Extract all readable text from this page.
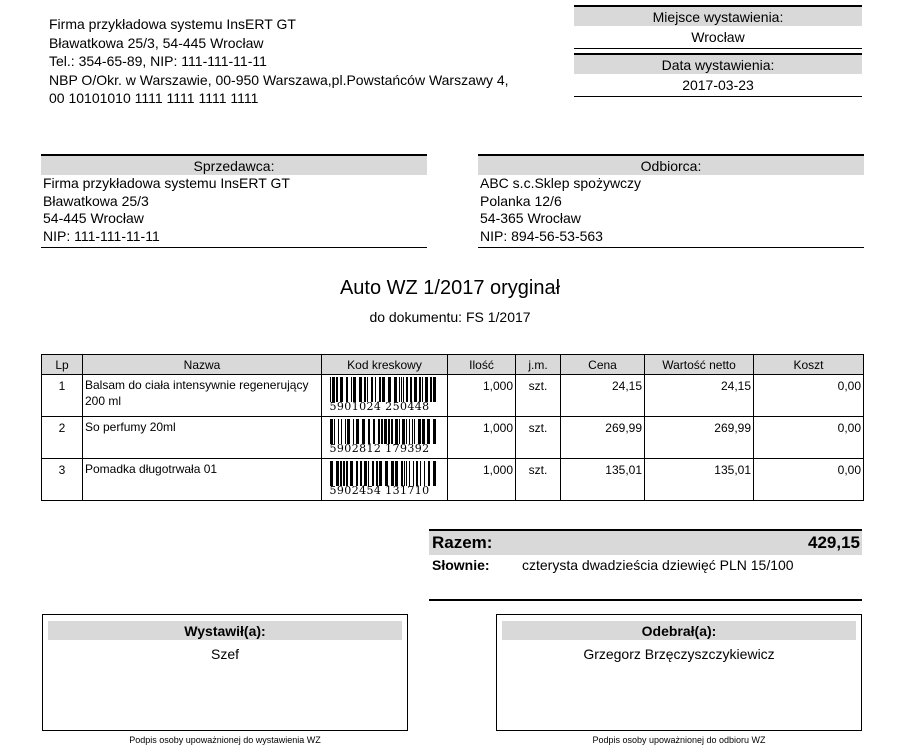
Firma przykładowa systemu InsERT GT
Bławatkowa 25/3, 54-445 Wrocław
Tel.: 354-65-89, NIP: 111-111-11-11
NBP O/Okr. w Warszawie, 00-950 Warszawa,pl.Powstańców Warszawy 4,
00 10101010 1111 1111 1111 1111
Miejsce wystawienia:
Wrocław
Data wystawienia:
2017-03-23
Sprzedawca:
Firma przykładowa systemu InsERT GT
Bławatkowa 25/3
54-445 Wrocław
NIP: 111-111-11-11
Odbiorca:
ABC s.c.Sklep spożywczy
Polanka 12/6
54-365 Wrocław
NIP: 894-56-53-563
Auto WZ 1/2017 oryginał
do dokumentu: FS 1/2017
Lp	Nazwa	Kod kreskowy	Ilość	j.m.	Cena	Wartość netto	Koszt
1	Balsam do ciała intensywnie regenerujący 200 ml	5901024 250448	1,000	szt.	24,15	24,15	0,00
2	So perfumy 20ml	5902812 179392	1,000	szt.	269,99	269,99	0,00
3	Pomadka długotrwała 01	5902454 131710	1,000	szt.	135,01	135,01	0,00
Razem:	429,15
Słownie: czterysta dwadzieścia dziewięć PLN 15/100
Wystawił(a):
Szef
Podpis osoby upoważnionej do wystawienia WZ
Odebrał(a):
Grzegorz Brzęczyszczykiewicz
Podpis osoby upoważnionej do odbioru WZ
